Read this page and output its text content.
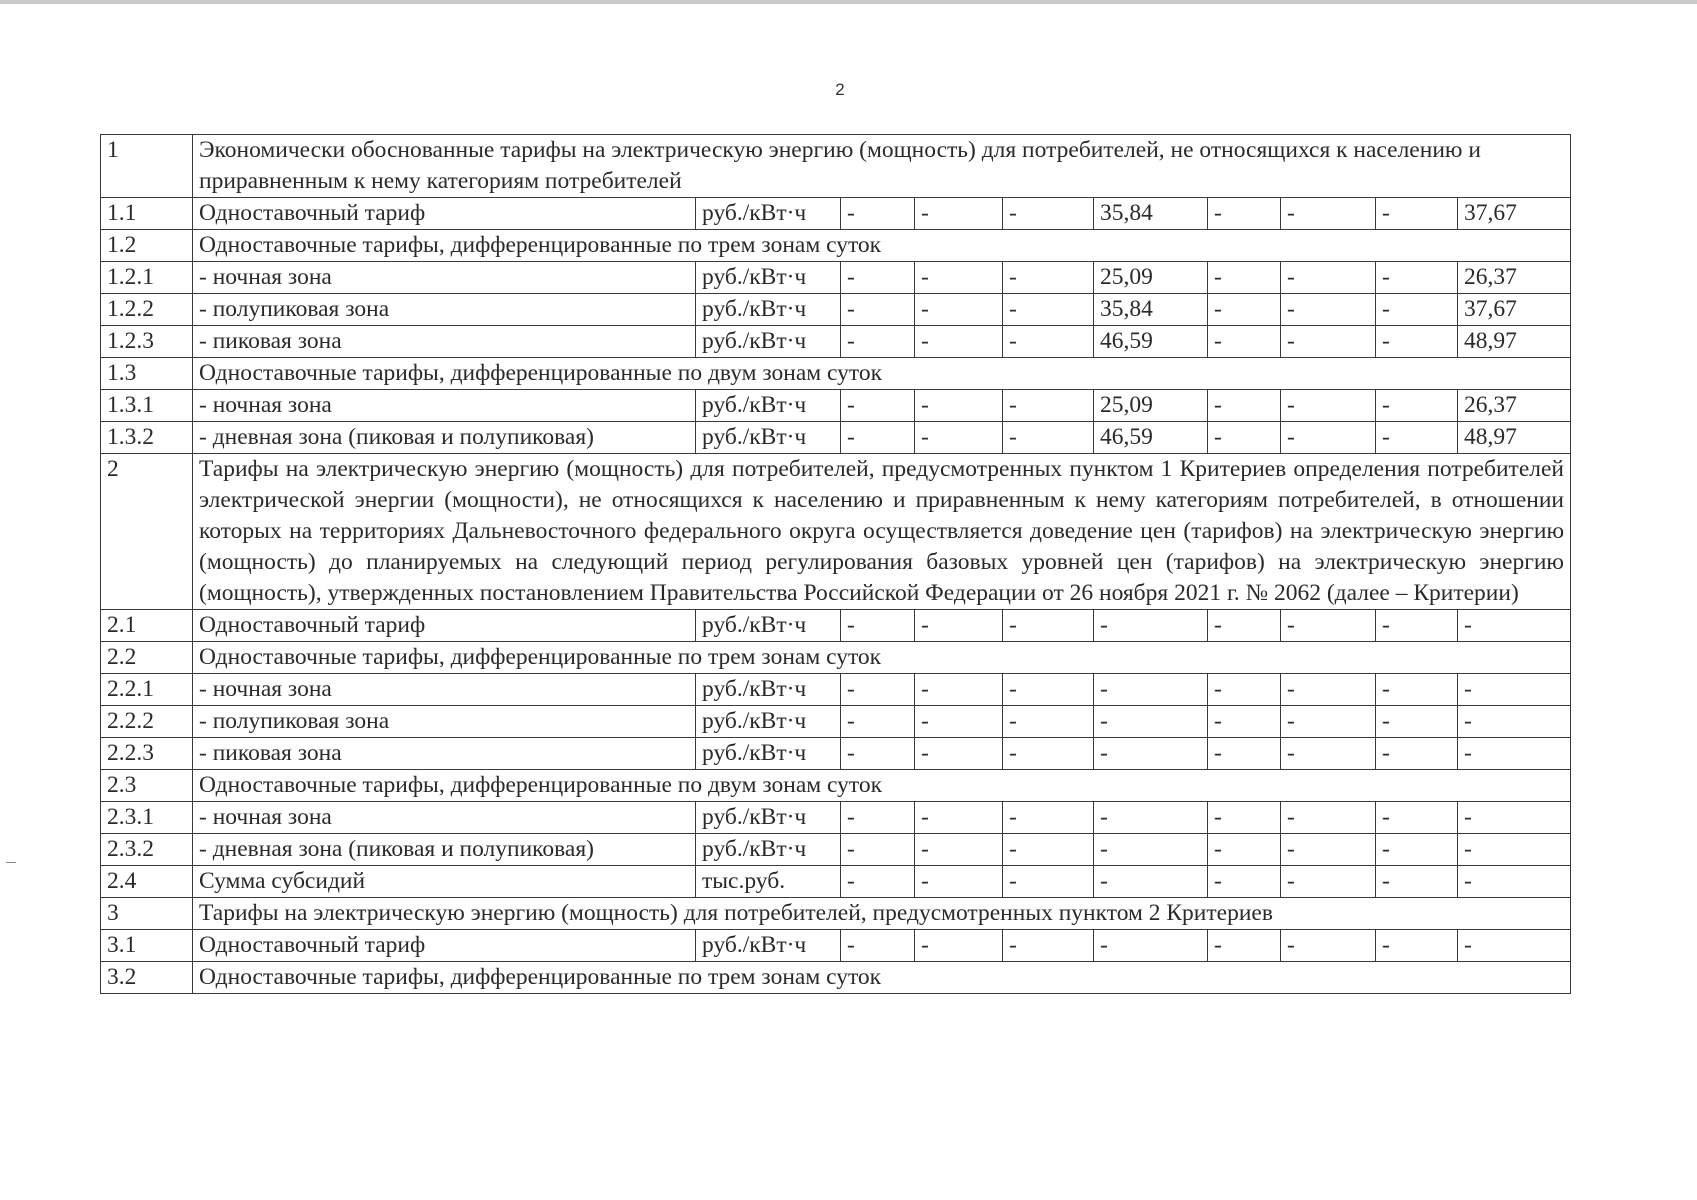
2
1	Экономически обоснованные тарифы на электрическую энергию (мощность) для потребителей, не относящихся к населению и приравненным к нему категориям потребителей									
1.1	Одноставочный тариф	руб./кВт·ч	-	-	-	35,84	-	-	-	37,67
1.2	Одноставочные тарифы, дифференцированные по трем зонам суток									
1.2.1	- ночная зона	руб./кВт·ч	-	-	-	25,09	-	-	-	26,37
1.2.2	- полупиковая зона	руб./кВт·ч	-	-	-	35,84	-	-	-	37,67
1.2.3	- пиковая зона	руб./кВт·ч	-	-	-	46,59	-	-	-	48,97
1.3	Одноставочные тарифы, дифференцированные по двум зонам суток									
1.3.1	- ночная зона	руб./кВт·ч	-	-	-	25,09	-	-	-	26,37
1.3.2	- дневная зона (пиковая и полупиковая)	руб./кВт·ч	-	-	-	46,59	-	-	-	48,97
2	Тарифы на электрическую энергию (мощность) для потребителей, предусмотренных пунктом 1 Критериев определения потребителей электрической энергии (мощности), не относящихся к населению и приравненным к нему категориям потребителей, в отношении которых на территориях Дальневосточного федерального округа осуществляется доведение цен (тарифов) на электрическую энергию (мощность) до планируемых на следующий период регулирования базовых уровней цен (тарифов) на электрическую энергию (мощность), утвержденных постановлением Правительства Российской Федерации от 26 ноября 2021 г. № 2062 (далее – Критерии)									
2.1	Одноставочный тариф	руб./кВт·ч	-	-	-	-	-	-	-	-
2.2	Одноставочные тарифы, дифференцированные по трем зонам суток									
2.2.1	- ночная зона	руб./кВт·ч	-	-	-	-	-	-	-	-
2.2.2	- полупиковая зона	руб./кВт·ч	-	-	-	-	-	-	-	-
2.2.3	- пиковая зона	руб./кВт·ч	-	-	-	-	-	-	-	-
2.3	Одноставочные тарифы, дифференцированные по двум зонам суток									
2.3.1	- ночная зона	руб./кВт·ч	-	-	-	-	-	-	-	-
2.3.2	- дневная зона (пиковая и полупиковая)	руб./кВт·ч	-	-	-	-	-	-	-	-
2.4	Сумма субсидий	тыс.руб.	-	-	-	-	-	-	-	-
3	Тарифы на электрическую энергию (мощность) для потребителей, предусмотренных пунктом 2 Критериев									
3.1	Одноставочный тариф	руб./кВт·ч	-	-	-	-	-	-	-	-
3.2	Одноставочные тарифы, дифференцированные по трем зонам суток									
